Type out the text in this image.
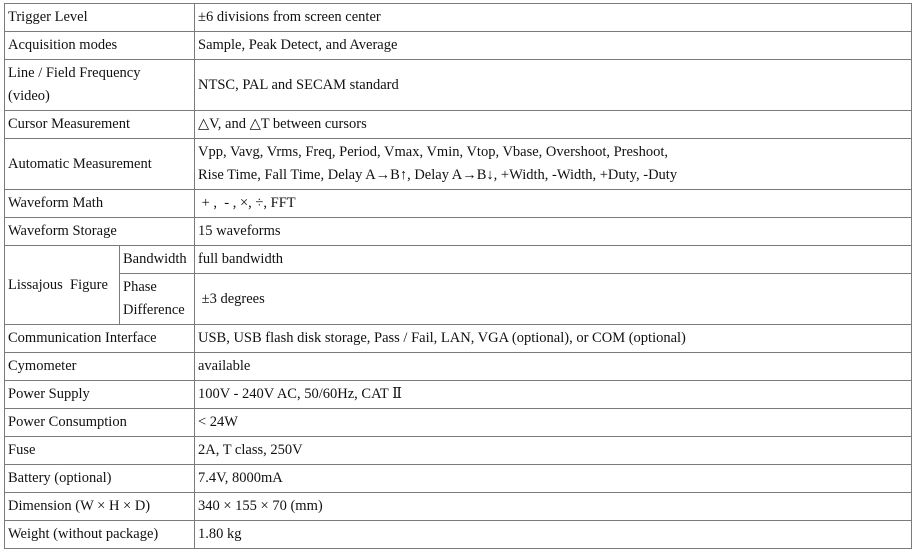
Trigger Level		±6 divisions from screen center
Acquisition modes		Sample, Peak Detect, and Average

Line / Field Frequency
(video)		NTSC, PAL and SECAM standard
Cursor Measurement		△V, and △T between cursors
Automatic Measurement		Vpp, Vavg, Vrms, Freq, Period, Vmax, Vmin, Vtop, Vbase, Overshoot, Preshoot,
Rise Time, Fall Time, Delay A→B↑, Delay A→B↓, +Width, -Width, +Duty, -Duty

Waveform Math		+ ,  - , ×, ÷, FFT
Waveform Storage		15 waveforms
Lissajous  Figure	Bandwidth	full bandwidth

	Phase
Difference	±3 degrees
Communication Interface		USB, USB flash disk storage, Pass / Fail, LAN, VGA (optional), or COM (optional)
Cymometer		available
Power Supply		100V - 240V AC, 50/60Hz, CAT Ⅱ
Power Consumption		< 24W
Fuse		2A, T class, 250V
Battery (optional)		7.4V, 8000mA
Dimension (W × H × D)		340 × 155 × 70 (mm)
Weight (without package)		1.80 kg
